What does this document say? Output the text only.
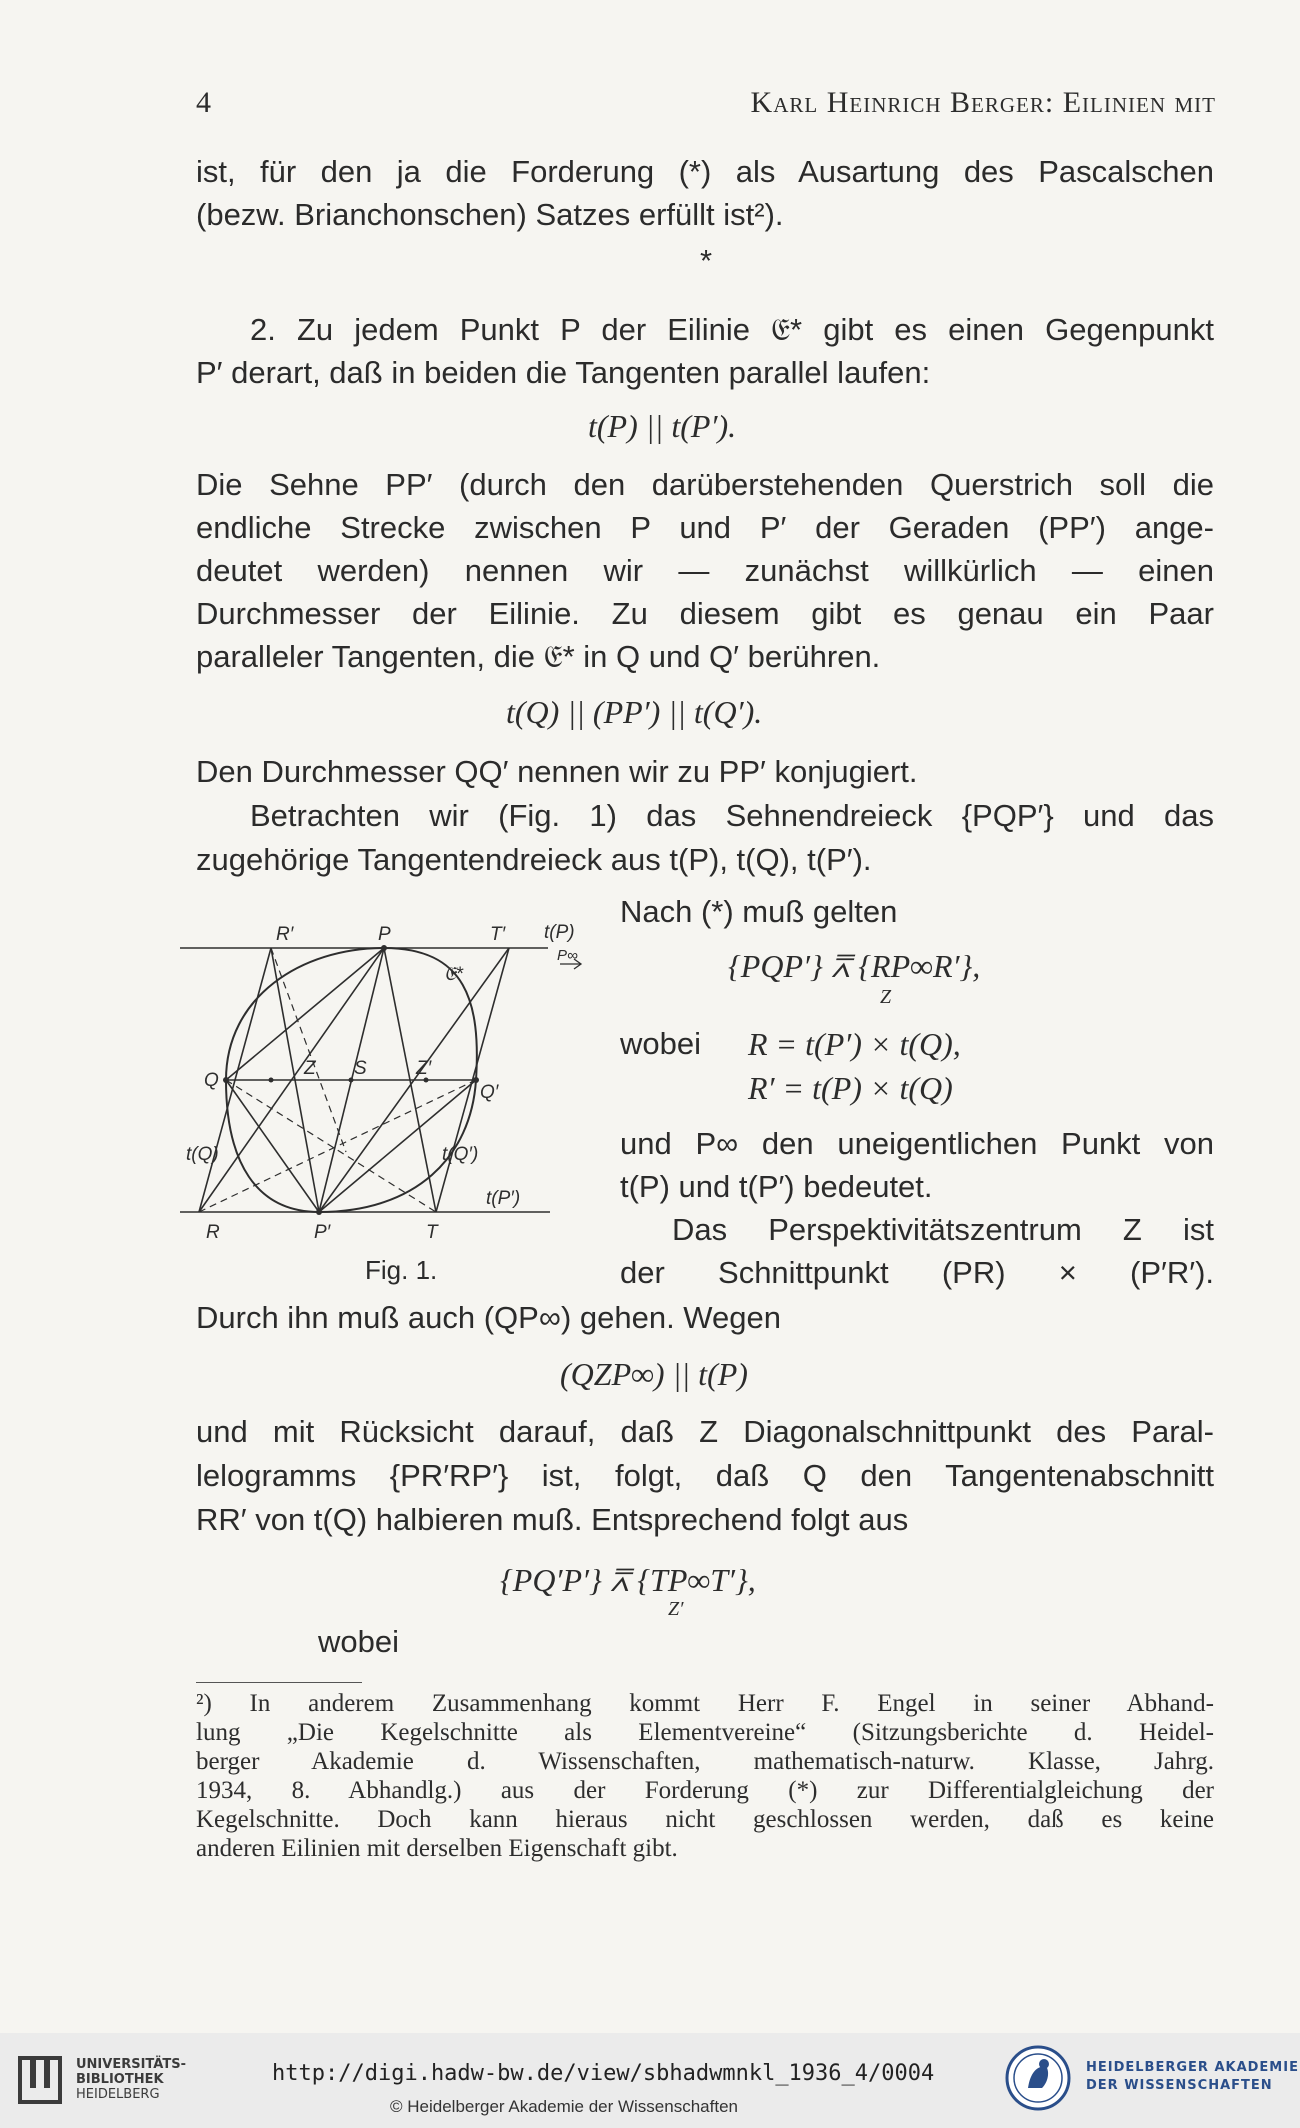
4	Karl Heinrich Berger: Eilinien mit
ist, für den ja die Forderung (*) als Ausartung des Pascalschen
(bezw. Brianchonschen) Satzes erfüllt ist²).
*
2. Zu jedem Punkt P der Eilinie 𝔈* gibt es einen Gegenpunkt
P′ derart, daß in beiden die Tangenten parallel laufen:
t(P) || t(P′).
Die Sehne PP′ (durch den darüberstehenden Querstrich soll die
endliche Strecke zwischen P und P′ der Geraden (PP′) ange-
deutet werden) nennen wir — zunächst willkürlich — einen
Durchmesser der Eilinie. Zu diesem gibt es genau ein Paar
paralleler Tangenten, die 𝔈* in Q und Q′ berühren.
t(Q) || (PP′) || t(Q′).
Den Durchmesser QQ′ nennen wir zu PP′ konjugiert.
Betrachten wir (Fig. 1) das Sehnendreieck {PQP′} und das
zugehörige Tangentendreieck aus t(P), t(Q), t(P′).
R′	P	T′ t(P)
P∞
𝔈*
Q
Z S	Z′
Q′
t(Q)	t(Q′)
t(P′)
R	P′	T
Fig. 1.
Nach (*) muß gelten
{PQP′} ⩞ {RP∞R′},
Z
wobei R = t(P′) × t(Q),
R′ = t(P) × t(Q)
und P∞ den uneigentlichen Punkt von
t(P) und t(P′) bedeutet.
Das Perspektivitätszentrum Z ist
der Schnittpunkt (PR) × (P′R′).
Durch ihn muß auch (QP∞) gehen. Wegen
(QZP∞) || t(P)
und mit Rücksicht darauf, daß Z Diagonalschnittpunkt des Paral-
lelogramms {PR′RP′} ist, folgt, daß Q den Tangentenabschnitt
RR′ von t(Q) halbieren muß. Entsprechend folgt aus
{PQ′P′} ⩞ {TP∞T′},
Z′
wobei
²) In anderem Zusammenhang kommt Herr F. Engel in seiner Abhand-
lung „Die Kegelschnitte als Elementvereine“ (Sitzungsberichte d. Heidel-
berger Akademie d. Wissenschaften, mathematisch-naturw. Klasse, Jahrg.
1934, 8. Abhandlg.) aus der Forderung (*) zur Differentialgleichung der
Kegelschnitte. Doch kann hieraus nicht geschlossen werden, daß es keine
anderen Eilinien mit derselben Eigenschaft gibt.
UNIVERSITÄTS-
BIBLIOTHEK
HEIDELBERG
http://digi.hadw-bw.de/view/sbhadwmnkl_1936_4/0004
© Heidelberger Akademie der Wissenschaften
HEIDELBERGER AKADEMIE
DER WISSENSCHAFTEN
